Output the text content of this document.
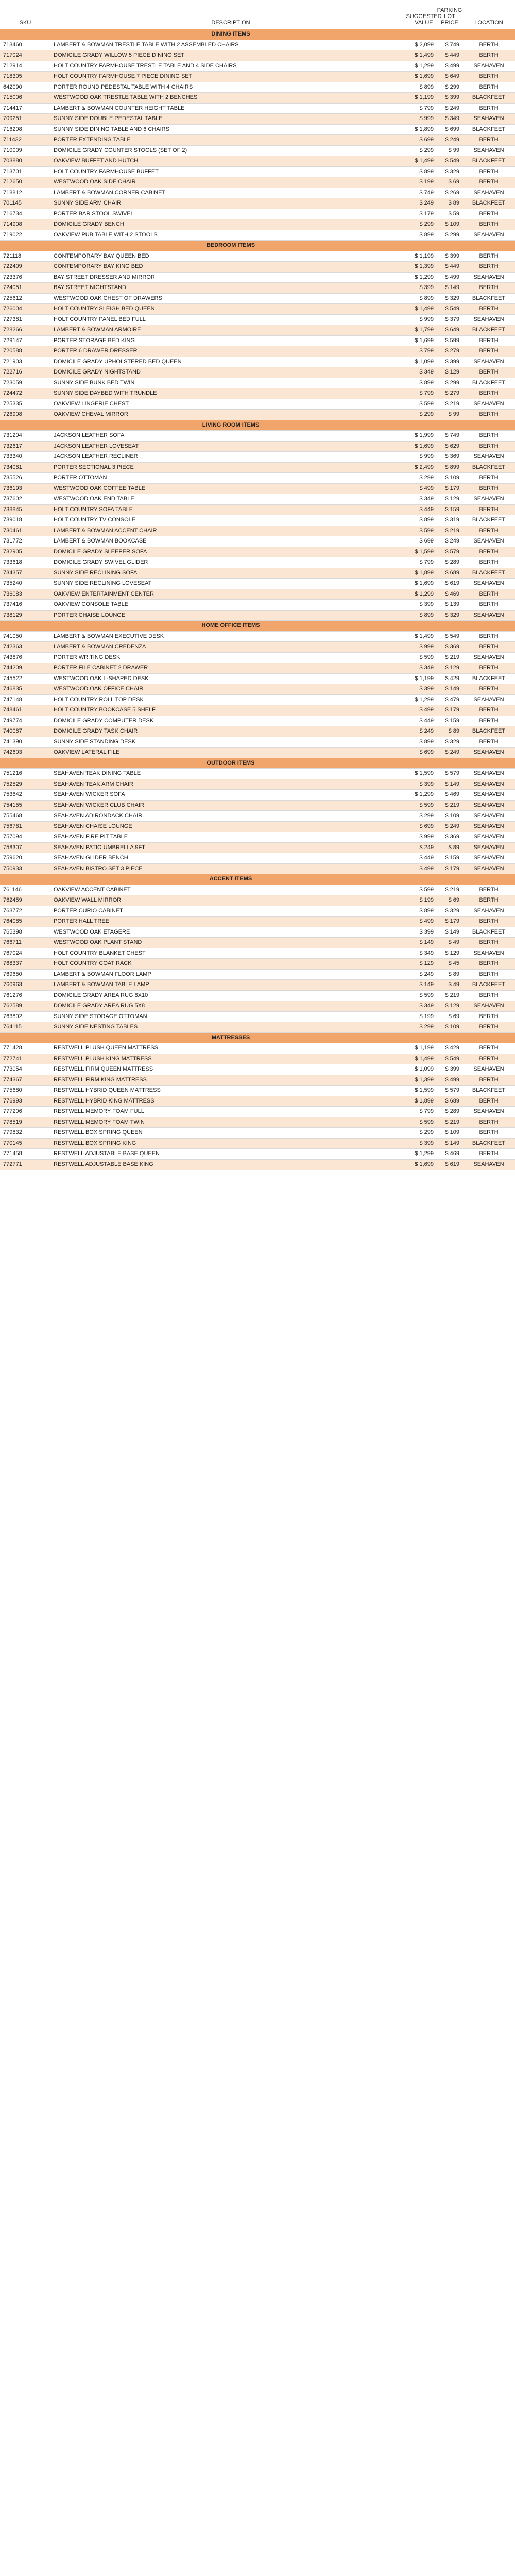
SKU	DESCRIPTION
SUGGESTED VALUE
PARKING LOT PRICE	LOCATION
DINING ITEMS
713460	LAMBERT & BOWMAN TRESTLE TABLE WITH 2 ASSEMBLED CHAIRS	$ 2,099	$ 749	BERTH
717024	DOMICILE GRADY WILLOW 5 PIECE DINING SET	$ 1,499	$ 449	BERTH
712914	HOLT COUNTRY FARMHOUSE TRESTLE TABLE AND 4 SIDE CHAIRS	$ 1,299	$ 499	SEAHAVEN
718305	HOLT COUNTRY FARMHOUSE 7 PIECE DINING SET	$ 1,699	$ 649	BERTH
642090	PORTER ROUND PEDESTAL TABLE WITH 4 CHAIRS	$ 899	$ 299	BERTH
715006	WESTWOOD OAK TRESTLE TABLE WITH 2 BENCHES	$ 1,199	$ 399	BLACKFEET
714417	LAMBERT & BOWMAN COUNTER HEIGHT TABLE	$ 799	$ 249	BERTH
709251	SUNNY SIDE DOUBLE PEDESTAL TABLE	$ 999	$ 349	SEAHAVEN
716208	SUNNY SIDE DINING TABLE AND 6 CHAIRS	$ 1,899	$ 699	BLACKFEET
711432	PORTER EXTENDING TABLE	$ 699	$ 249	BERTH
710009	DOMICILE GRADY COUNTER STOOLS (SET OF 2)	$ 299	$ 99	SEAHAVEN
703880	OAKVIEW BUFFET AND HUTCH	$ 1,499	$ 549	BLACKFEET
713701	HOLT COUNTRY FARMHOUSE BUFFET	$ 899	$ 329	BERTH
712650	WESTWOOD OAK SIDE CHAIR	$ 199	$ 69	BERTH
718812	LAMBERT & BOWMAN CORNER CABINET	$ 749	$ 269	SEAHAVEN
701145	SUNNY SIDE ARM CHAIR	$ 249	$ 89	BLACKFEET
716734	PORTER BAR STOOL SWIVEL	$ 179	$ 59	BERTH
714908	DOMICILE GRADY BENCH	$ 299	$ 109	BERTH
719022	OAKVIEW PUB TABLE WITH 2 STOOLS	$ 899	$ 299	SEAHAVEN
BEDROOM ITEMS
721118	CONTEMPORARY BAY QUEEN BED	$ 1,199	$ 399	BERTH
722409	CONTEMPORARY BAY KING BED	$ 1,399	$ 449	BERTH
723376	BAY STREET DRESSER AND MIRROR	$ 1,299	$ 499	SEAHAVEN
724051	BAY STREET NIGHTSTAND	$ 399	$ 149	BERTH
725612	WESTWOOD OAK CHEST OF DRAWERS	$ 899	$ 329	BLACKFEET
726004	HOLT COUNTRY SLEIGH BED QUEEN	$ 1,499	$ 549	BERTH
727381	HOLT COUNTRY PANEL BED FULL	$ 999	$ 379	SEAHAVEN
728266	LAMBERT & BOWMAN ARMOIRE	$ 1,799	$ 649	BLACKFEET
729147	PORTER STORAGE BED KING	$ 1,699	$ 599	BERTH
720588	PORTER 6 DRAWER DRESSER	$ 799	$ 279	BERTH
721903	DOMICILE GRADY UPHOLSTERED BED QUEEN	$ 1,099	$ 399	SEAHAVEN
722716	DOMICILE GRADY NIGHTSTAND	$ 349	$ 129	BERTH
723059	SUNNY SIDE BUNK BED TWIN	$ 899	$ 299	BLACKFEET
724472	SUNNY SIDE DAYBED WITH TRUNDLE	$ 799	$ 279	BERTH
725335	OAKVIEW LINGERIE CHEST	$ 599	$ 219	SEAHAVEN
726908	OAKVIEW CHEVAL MIRROR	$ 299	$ 99	BERTH
LIVING ROOM ITEMS
731204	JACKSON LEATHER SOFA	$ 1,999	$ 749	BERTH
732617	JACKSON LEATHER LOVESEAT	$ 1,699	$ 629	BERTH
733340	JACKSON LEATHER RECLINER	$ 999	$ 369	SEAHAVEN
734081	PORTER SECTIONAL 3 PIECE	$ 2,499	$ 899	BLACKFEET
735526	PORTER OTTOMAN	$ 299	$ 109	BERTH
736193	WESTWOOD OAK COFFEE TABLE	$ 499	$ 179	BERTH
737602	WESTWOOD OAK END TABLE	$ 349	$ 129	SEAHAVEN
738845	HOLT COUNTRY SOFA TABLE	$ 449	$ 159	BERTH
739018	HOLT COUNTRY TV CONSOLE	$ 899	$ 319	BLACKFEET
730461	LAMBERT & BOWMAN ACCENT CHAIR	$ 599	$ 219	BERTH
731772	LAMBERT & BOWMAN BOOKCASE	$ 699	$ 249	SEAHAVEN
732905	DOMICILE GRADY SLEEPER SOFA	$ 1,599	$ 579	BERTH
733618	DOMICILE GRADY SWIVEL GLIDER	$ 799	$ 289	BERTH
734357	SUNNY SIDE RECLINING SOFA	$ 1,899	$ 689	BLACKFEET
735240	SUNNY SIDE RECLINING LOVESEAT	$ 1,699	$ 619	SEAHAVEN
736083	OAKVIEW ENTERTAINMENT CENTER	$ 1,299	$ 469	BERTH
737416	OAKVIEW CONSOLE TABLE	$ 399	$ 139	BERTH
738129	PORTER CHAISE LOUNGE	$ 899	$ 329	SEAHAVEN
HOME OFFICE ITEMS
741050	LAMBERT & BOWMAN EXECUTIVE DESK	$ 1,499	$ 549	BERTH
742363	LAMBERT & BOWMAN CREDENZA	$ 999	$ 369	BERTH
743876	PORTER WRITING DESK	$ 599	$ 219	SEAHAVEN
744209	PORTER FILE CABINET 2 DRAWER	$ 349	$ 129	BERTH
745522	WESTWOOD OAK L-SHAPED DESK	$ 1,199	$ 429	BLACKFEET
746835	WESTWOOD OAK OFFICE CHAIR	$ 399	$ 149	BERTH
747148	HOLT COUNTRY ROLL TOP DESK	$ 1,299	$ 479	SEAHAVEN
748461	HOLT COUNTRY BOOKCASE 5 SHELF	$ 499	$ 179	BERTH
749774	DOMICILE GRADY COMPUTER DESK	$ 449	$ 159	BERTH
740087	DOMICILE GRADY TASK CHAIR	$ 249	$ 89	BLACKFEET
741390	SUNNY SIDE STANDING DESK	$ 899	$ 329	BERTH
742603	OAKVIEW LATERAL FILE	$ 699	$ 249	SEAHAVEN
OUTDOOR ITEMS
751216	SEAHAVEN TEAK DINING TABLE	$ 1,599	$ 579	SEAHAVEN
752529	SEAHAVEN TEAK ARM CHAIR	$ 399	$ 149	SEAHAVEN
753842	SEAHAVEN WICKER SOFA	$ 1,299	$ 469	SEAHAVEN
754155	SEAHAVEN WICKER CLUB CHAIR	$ 599	$ 219	SEAHAVEN
755468	SEAHAVEN ADIRONDACK CHAIR	$ 299	$ 109	SEAHAVEN
756781	SEAHAVEN CHAISE LOUNGE	$ 699	$ 249	SEAHAVEN
757094	SEAHAVEN FIRE PIT TABLE	$ 999	$ 369	SEAHAVEN
758307	SEAHAVEN PATIO UMBRELLA 9FT	$ 249	$ 89	SEAHAVEN
759620	SEAHAVEN GLIDER BENCH	$ 449	$ 159	SEAHAVEN
750933	SEAHAVEN BISTRO SET 3 PIECE	$ 499	$ 179	SEAHAVEN
ACCENT ITEMS
761146	OAKVIEW ACCENT CABINET	$ 599	$ 219	BERTH
762459	OAKVIEW WALL MIRROR	$ 199	$ 69	BERTH
763772	PORTER CURIO CABINET	$ 899	$ 329	SEAHAVEN
764085	PORTER HALL TREE	$ 499	$ 179	BERTH
765398	WESTWOOD OAK ETAGERE	$ 399	$ 149	BLACKFEET
766711	WESTWOOD OAK PLANT STAND	$ 149	$ 49	BERTH
767024	HOLT COUNTRY BLANKET CHEST	$ 349	$ 129	SEAHAVEN
768337	HOLT COUNTRY COAT RACK	$ 129	$ 45	BERTH
769650	LAMBERT & BOWMAN FLOOR LAMP	$ 249	$ 89	BERTH
760963	LAMBERT & BOWMAN TABLE LAMP	$ 149	$ 49	BLACKFEET
761276	DOMICILE GRADY AREA RUG 8X10	$ 599	$ 219	BERTH
762589	DOMICILE GRADY AREA RUG 5X8	$ 349	$ 129	SEAHAVEN
763802	SUNNY SIDE STORAGE OTTOMAN	$ 199	$ 69	BERTH
764115	SUNNY SIDE NESTING TABLES	$ 299	$ 109	BERTH
MATTRESSES
771428	RESTWELL PLUSH QUEEN MATTRESS	$ 1,199	$ 429	BERTH
772741	RESTWELL PLUSH KING MATTRESS	$ 1,499	$ 549	BERTH
773054	RESTWELL FIRM QUEEN MATTRESS	$ 1,099	$ 399	SEAHAVEN
774367	RESTWELL FIRM KING MATTRESS	$ 1,399	$ 499	BERTH
775680	RESTWELL HYBRID QUEEN MATTRESS	$ 1,599	$ 579	BLACKFEET
776993	RESTWELL HYBRID KING MATTRESS	$ 1,899	$ 689	BERTH
777206	RESTWELL MEMORY FOAM FULL	$ 799	$ 289	SEAHAVEN
778519	RESTWELL MEMORY FOAM TWIN	$ 599	$ 219	BERTH
779832	RESTWELL BOX SPRING QUEEN	$ 299	$ 109	BERTH
770145	RESTWELL BOX SPRING KING	$ 399	$ 149	BLACKFEET
771458	RESTWELL ADJUSTABLE BASE QUEEN	$ 1,299	$ 469	BERTH
772771	RESTWELL ADJUSTABLE BASE KING	$ 1,699	$ 619	SEAHAVEN
